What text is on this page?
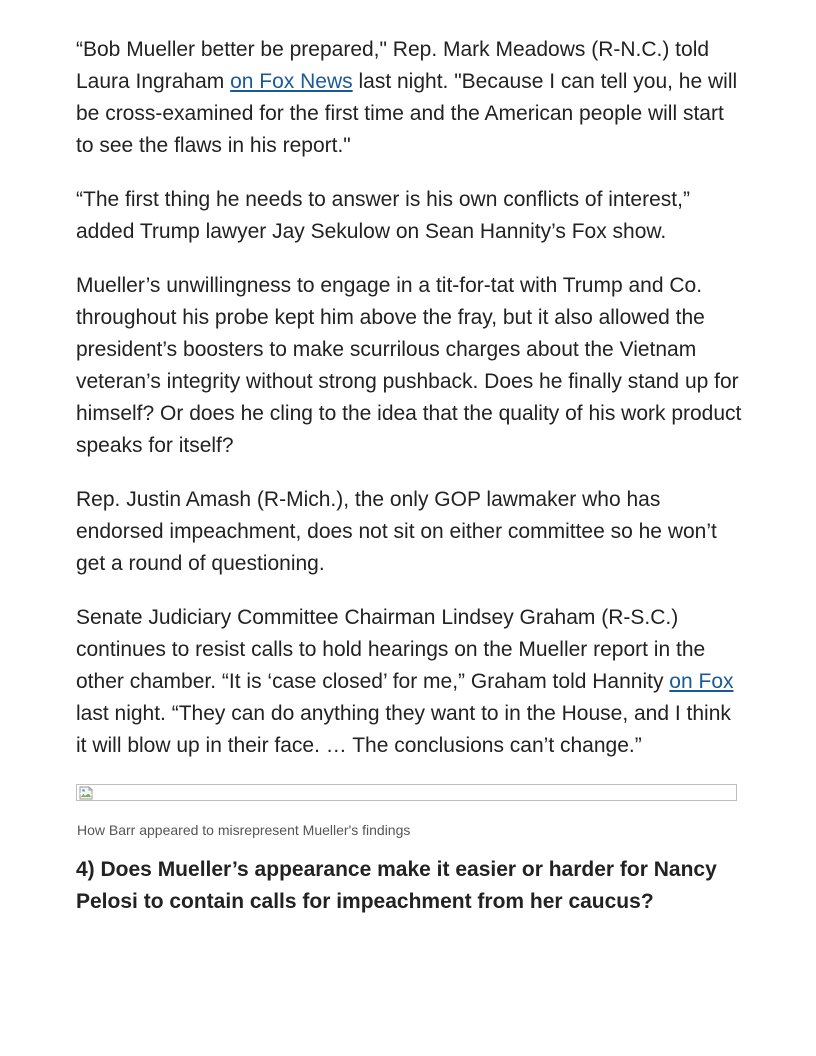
“Bob Mueller better be prepared," Rep. Mark Meadows (R-N.C.) told Laura Ingraham on Fox News last night. "Because I can tell you, he will be cross-examined for the first time and the American people will start to see the flaws in his report."

“The first thing he needs to answer is his own conflicts of interest,” added Trump lawyer Jay Sekulow on Sean Hannity’s Fox show.

Mueller’s unwillingness to engage in a tit-for-tat with Trump and Co. throughout his probe kept him above the fray, but it also allowed the president’s boosters to make scurrilous charges about the Vietnam veteran’s integrity without strong pushback. Does he finally stand up for himself? Or does he cling to the idea that the quality of his work product speaks for itself?

Rep. Justin Amash (R-Mich.), the only GOP lawmaker who has endorsed impeachment, does not sit on either committee so he won’t get a round of questioning.

Senate Judiciary Committee Chairman Lindsey Graham (R-S.C.) continues to resist calls to hold hearings on the Mueller report in the other chamber. “It is ‘case closed’ for me,” Graham told Hannity on Fox last night. “They can do anything they want to in the House, and I think it will blow up in their face. … The conclusions can’t change.”

How Barr appeared to misrepresent Mueller's findings
4) Does Mueller’s appearance make it easier or harder for Nancy Pelosi to contain calls for impeachment from her caucus?
